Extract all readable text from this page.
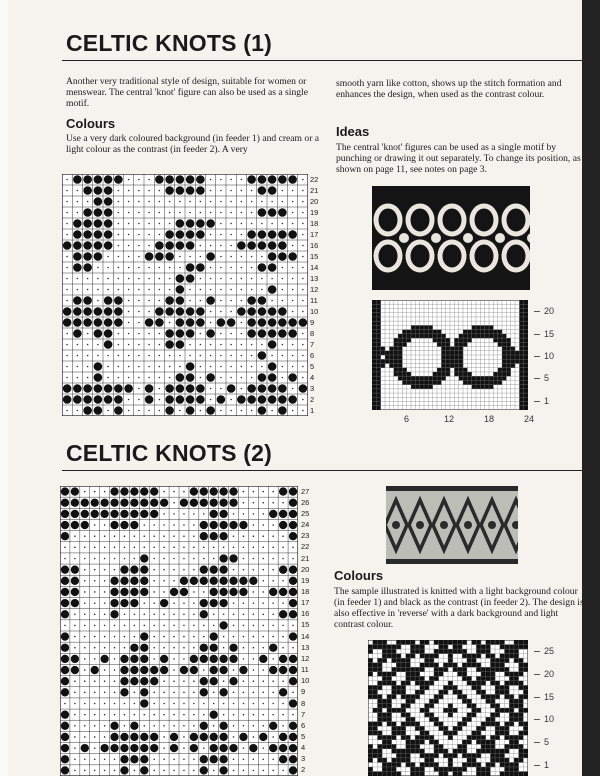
CELTIC KNOTS (1)
Another very traditional style of design, suitable for women or menswear. The central 'knot' figure can also be used as a single motif.
Colours
Use a very dark coloured background (in feeder 1) and cream or a light colour as the contrast (in feeder 2). A very
smooth yarn like cotton, shows up the stitch formation and enhances the design, when used as the contrast colour.
Ideas
The central 'knot' figures can be used as a single motif by punching or drawing it out separately. To change its position, as shown on page 11, see notes on page 3.
22
21
20
19
18
17
16
15
14
13
12
11
10
9
8
7
6
5
4
3
2
1
20
15
10
5
1
6	12	18	24
CELTIC KNOTS (2)
27
26
25
24
23
22
21
20
19
18
17
16
15
14
13
12
11
10
9
8
7
6
5
4
3
2
Colours
The sample illustrated is knitted with a light background colour (in feeder 1) and black as the contrast (in feeder 2). The design is also effective in 'reverse' with a dark background and light contrast colour.
25
20
15
10
5
1
